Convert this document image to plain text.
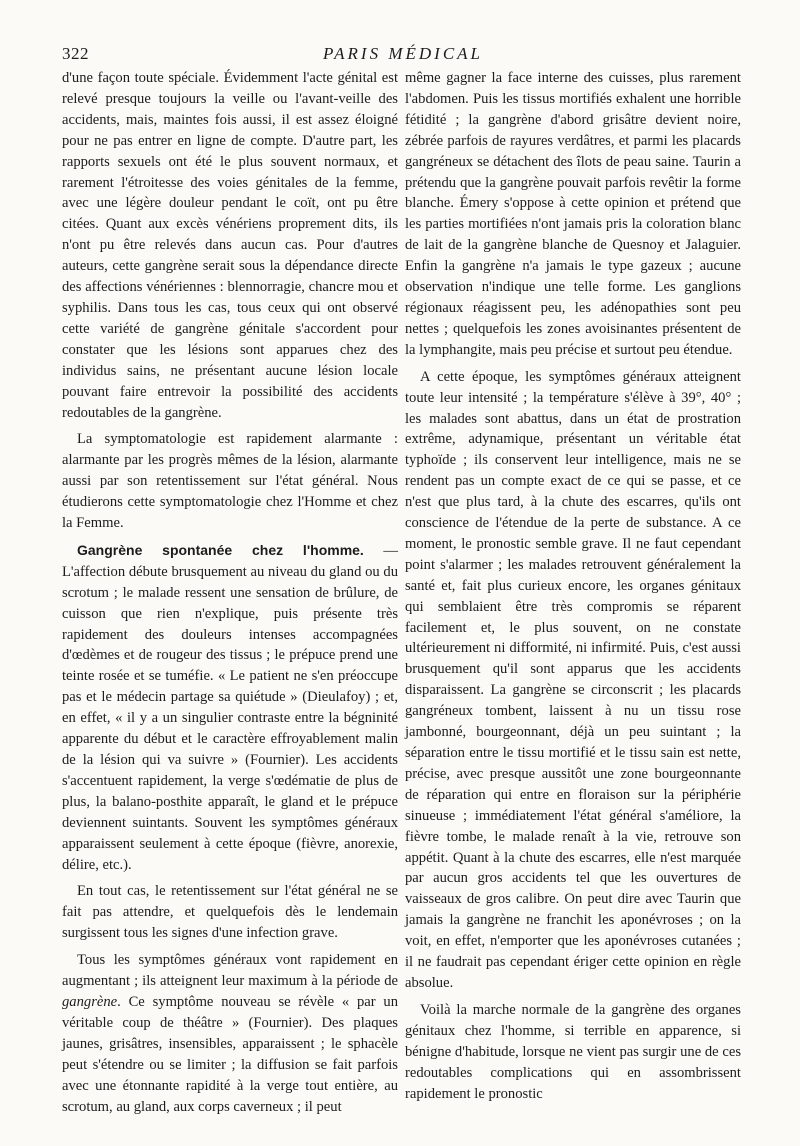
322	PARIS MÉDICAL

d'une façon toute spéciale. Évidemment l'acte génital est relevé presque toujours la veille ou l'avant-veille des accidents, mais, maintes fois aussi, il est assez éloigné pour ne pas entrer en ligne de compte. D'autre part, les rapports sexuels ont été le plus souvent normaux, et rarement l'étroitesse des voies génitales de la femme, avec une légère douleur pendant le coït, ont pu être citées. Quant aux excès vénériens proprement dits, ils n'ont pu être relevés dans aucun cas. Pour d'autres auteurs, cette gangrène serait sous la dépendance directe des affections vénériennes : blennorragie, chancre mou et syphilis. Dans tous les cas, tous ceux qui ont observé cette variété de gangrène génitale s'accordent pour constater que les lésions sont apparues chez des individus sains, ne présentant aucune lésion locale pouvant faire entrevoir la possibilité des accidents redoutables de la gangrène.

La symptomatologie est rapidement alarmante : alarmante par les progrès mêmes de la lésion, alarmante aussi par son retentissement sur l'état général. Nous étudierons cette symptomatologie chez l'Homme et chez la Femme.

Gangrène spontanée chez l'homme. — L'affection débute brusquement au niveau du gland ou du scrotum ; le malade ressent une sensation de brûlure, de cuisson que rien n'explique, puis présente très rapidement des douleurs intenses accompagnées d'œdèmes et de rougeur des tissus ; le prépuce prend une teinte rosée et se tuméfie. « Le patient ne s'en préoccupe pas et le médecin partage sa quiétude » (Dieulafoy) ; et, en effet, « il y a un singulier contraste entre la bégninité apparente du début et le caractère effroyablement malin de la lésion qui va suivre » (Fournier). Les accidents s'accentuent rapidement, la verge s'œdématie de plus de plus, la balano-posthite apparaît, le gland et le prépuce deviennent suintants. Souvent les symptômes généraux apparaissent seulement à cette époque (fièvre, anorexie, délire, etc.).

En tout cas, le retentissement sur l'état général ne se fait pas attendre, et quelquefois dès le lendemain surgissent tous les signes d'une infection grave.

Tous les symptômes généraux vont rapidement en augmentant ; ils atteignent leur maximum à la période de gangrène. Ce symptôme nouveau se révèle « par un véritable coup de théâtre » (Fournier). Des plaques jaunes, grisâtres, insensibles, apparaissent ; le sphacèle peut s'étendre ou se limiter ; la diffusion se fait parfois avec une étonnante rapidité à la verge tout entière, au scrotum, au gland, aux corps caverneux ; il peut

même gagner la face interne des cuisses, plus rarement l'abdomen. Puis les tissus mortifiés exhalent une horrible fétidité ; la gangrène d'abord grisâtre devient noire, zébrée parfois de rayures verdâtres, et parmi les placards gangréneux se détachent des îlots de peau saine. Taurin a prétendu que la gangrène pouvait parfois revêtir la forme blanche. Émery s'oppose à cette opinion et prétend que les parties mortifiées n'ont jamais pris la coloration blanc de lait de la gangrène blanche de Quesnoy et Jalaguier. Enfin la gangrène n'a jamais le type gazeux ; aucune observation n'indique une telle forme. Les ganglions régionaux réagissent peu, les adénopathies sont peu nettes ; quelquefois les zones avoisinantes présentent de la lymphangite, mais peu précise et surtout peu étendue.

A cette époque, les symptômes généraux atteignent toute leur intensité ; la température s'élève à 39°, 40° ; les malades sont abattus, dans un état de prostration extrême, adynamique, présentant un véritable état typhoïde ; ils conservent leur intelligence, mais ne se rendent pas un compte exact de ce qui se passe, et ce n'est que plus tard, à la chute des escarres, qu'ils ont conscience de l'étendue de la perte de substance. A ce moment, le pronostic semble grave. Il ne faut cependant point s'alarmer ; les malades retrouvent généralement la santé et, fait plus curieux encore, les organes génitaux qui semblaient être très compromis se réparent facilement et, le plus souvent, on ne constate ultérieurement ni difformité, ni infirmité. Puis, c'est aussi brusquement qu'il sont apparus que les accidents disparaissent. La gangrène se circonscrit ; les placards gangréneux tombent, laissent à nu un tissu rose jambonné, bourgeonnant, déjà un peu suintant ; la séparation entre le tissu mortifié et le tissu sain est nette, précise, avec presque aussitôt une zone bourgeonnante de réparation qui entre en floraison sur la périphérie sinueuse ; immédiatement l'état général s'améliore, la fièvre tombe, le malade renaît à la vie, retrouve son appétit. Quant à la chute des escarres, elle n'est marquée par aucun gros accidents tel que les ouvertures de vaisseaux de gros calibre. On peut dire avec Taurin que jamais la gangrène ne franchit les aponévroses ; on la voit, en effet, n'emporter que les aponévroses cutanées ; il ne faudrait pas cependant ériger cette opinion en règle absolue.

Voilà la marche normale de la gangrène des organes génitaux chez l'homme, si terrible en apparence, si bénigne d'habitude, lorsque ne vient pas surgir une de ces redoutables complications qui en assombrissent rapidement le pronostic
